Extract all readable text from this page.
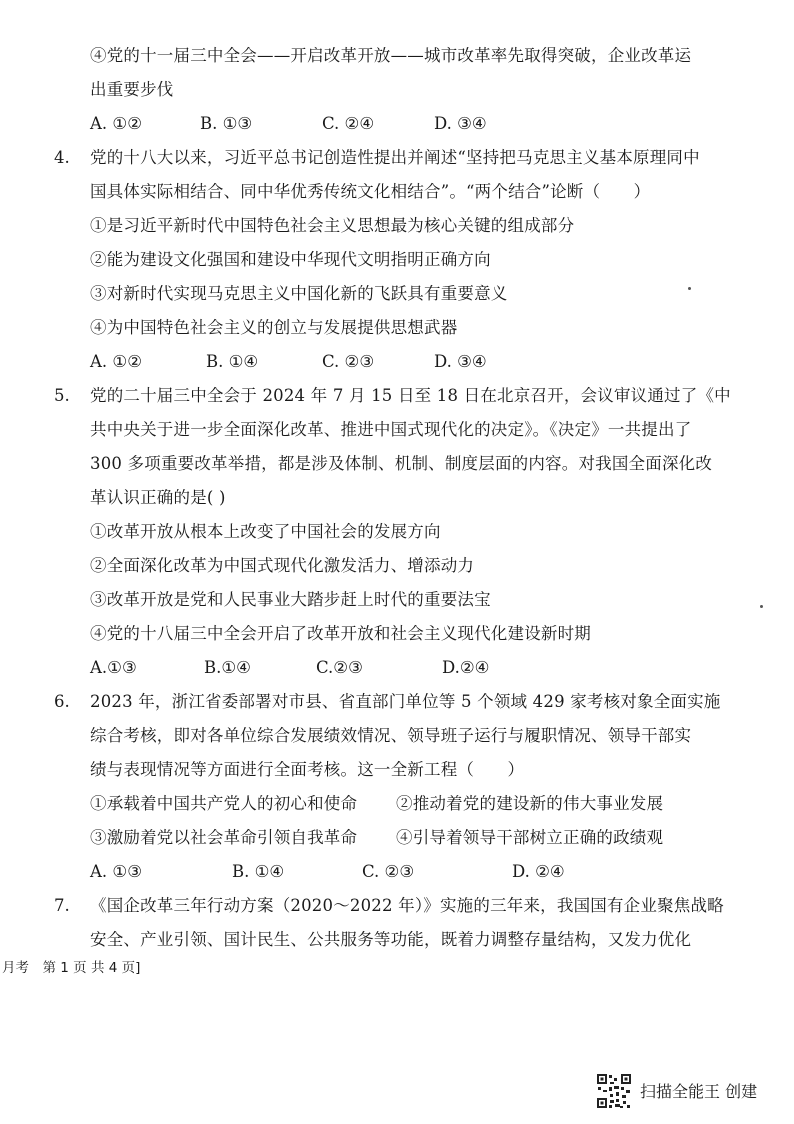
④党的十一届三中全会——开启改革开放——城市改革率先取得突破，企业改革运
出重要步伐
A. ①②	B. ①③	C. ②④	D. ③④
4. 党的十八大以来，习近平总书记创造性提出并阐述“坚持把马克思主义基本原理同中
国具体实际相结合、同中华优秀传统文化相结合”。“两个结合”论断（　　）
①是习近平新时代中国特色社会主义思想最为核心关键的组成部分
②能为建设文化强国和建设中华现代文明指明正确方向
③对新时代实现马克思主义中国化新的飞跃具有重要意义
④为中国特色社会主义的创立与发展提供思想武器
A. ①②	B. ①④	C. ②③	D. ③④
5. 党的二十届三中全会于 2024 年 7 月 15 日至 18 日在北京召开，会议审议通过了《中
共中央关于进一步全面深化改革、推进中国式现代化的决定》。《决定》一共提出了
300 多项重要改革举措，都是涉及体制、机制、制度层面的内容。对我国全面深化改
革认识正确的是( )
①改革开放从根本上改变了中国社会的发展方向
②全面深化改革为中国式现代化激发活力、增添动力
③改革开放是党和人民事业大踏步赶上时代的重要法宝
④党的十八届三中全会开启了改革开放和社会主义现代化建设新时期
A.①③	B.①④	C.②③	D.②④
6. 2023 年，浙江省委部署对市县、省直部门单位等 5 个领域 429 家考核对象全面实施
综合考核，即对各单位综合发展绩效情况、领导班子运行与履职情况、领导干部实
绩与表现情况等方面进行全面考核。这一全新工程（　　）
①承载着中国共产党人的初心和使命 ②推动着党的建设新的伟大事业发展
③激励着党以社会革命引领自我革命 ④引导着领导干部树立正确的政绩观
A. ①③	B. ①④	C. ②③	D. ②④
7. 《国企改革三年行动方案（2020～2022 年）》实施的三年来，我国国有企业聚焦战略
安全、产业引领、国计民生、公共服务等功能，既着力调整存量结构，又发力优化
月考　第 1 页 共 4 页]
扫描全能王 创建
